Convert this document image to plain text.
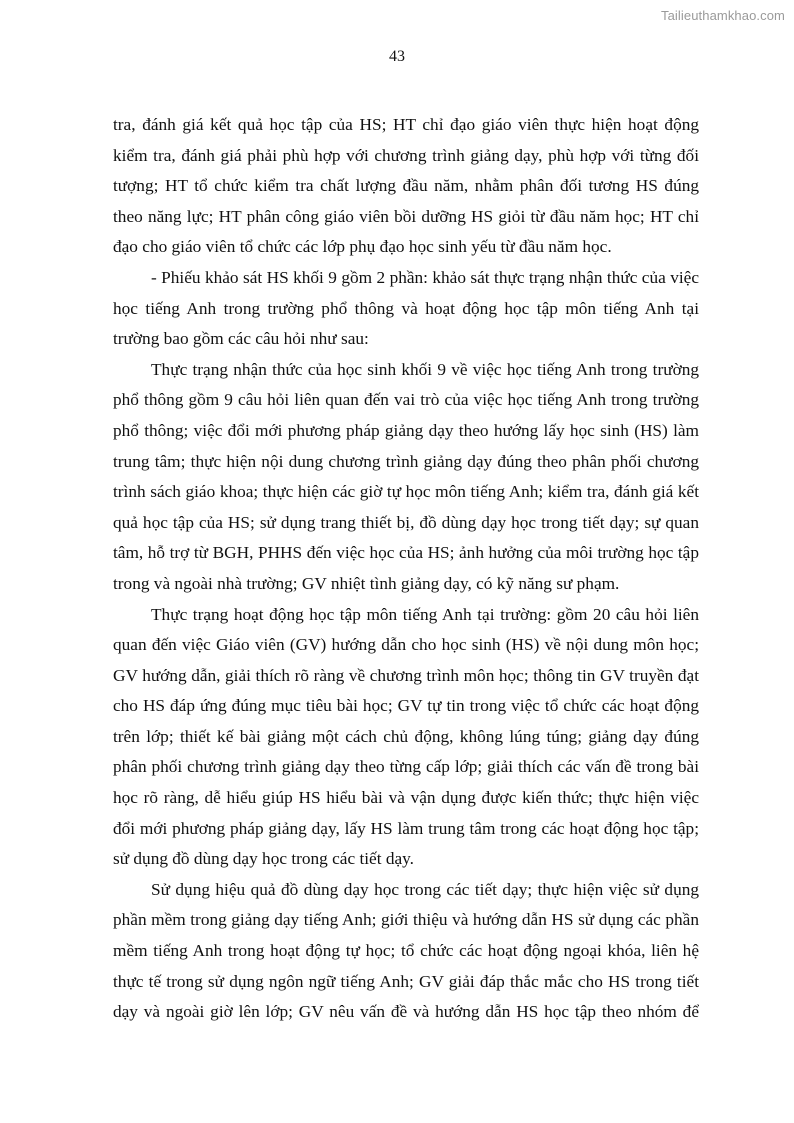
Tailieuthamkhao.com
43
tra, đánh giá kết quả học tập của HS; HT chỉ đạo giáo viên thực hiện hoạt động
kiểm tra, đánh giá phải phù hợp với chương trình giảng dạy, phù hợp với từng đối
tượng; HT tổ chức kiểm tra chất lượng đầu năm, nhằm phân đối tương HS đúng
theo năng lực; HT phân công giáo viên bồi dưỡng HS giỏi từ đầu năm học; HT chỉ
đạo cho giáo viên tổ chức các lớp phụ đạo học sinh yếu từ đầu năm học.
- Phiếu khảo sát HS khối 9 gồm 2 phần: khảo sát thực trạng nhận thức của việc
học tiếng Anh trong trường phổ thông và hoạt động học tập môn tiếng Anh tại
trường bao gồm các câu hỏi như sau:
Thực trạng nhận thức của học sinh khối 9 về việc học tiếng Anh trong trường
phổ thông gồm 9 câu hỏi liên quan đến vai trò của việc học tiếng Anh trong trường
phổ thông; việc đổi mới phương pháp giảng dạy theo hướng lấy học sinh (HS) làm
trung tâm; thực hiện nội dung chương trình giảng dạy đúng theo phân phối chương
trình sách giáo khoa; thực hiện các giờ tự học môn tiếng Anh; kiểm tra, đánh giá kết
quả học tập của HS; sử dụng trang thiết bị, đồ dùng dạy học trong tiết dạy; sự quan
tâm, hỗ trợ từ BGH, PHHS đến việc học của HS; ảnh hưởng của môi trường học tập
trong và ngoài nhà trường; GV nhiệt tình giảng dạy, có kỹ năng sư phạm.
Thực trạng hoạt động học tập môn tiếng Anh tại trường: gồm 20 câu hỏi liên
quan đến việc Giáo viên (GV) hướng dẫn cho học sinh (HS) về nội dung môn học;
GV hướng dẫn, giải thích rõ ràng về chương trình môn học; thông tin GV truyền đạt
cho HS đáp ứng đúng mục tiêu bài học; GV tự tin trong việc tổ chức các hoạt động
trên lớp; thiết kế bài giảng một cách chủ động, không lúng túng; giảng dạy đúng
phân phối chương trình giảng dạy theo từng cấp lớp; giải thích các vấn đề trong bài
học rõ ràng, dễ hiểu giúp HS hiểu bài và vận dụng được kiến thức; thực hiện việc
đổi mới phương pháp giảng dạy, lấy HS làm trung tâm trong các hoạt động học tập;
sử dụng đồ dùng dạy học trong các tiết dạy.
Sử dụng hiệu quả đồ dùng dạy học trong các tiết dạy; thực hiện việc sử dụng
phần mềm trong giảng dạy tiếng Anh; giới thiệu và hướng dẫn HS sử dụng các phần
mềm tiếng Anh trong hoạt động tự học; tổ chức các hoạt động ngoại khóa, liên hệ
thực tế trong sử dụng ngôn ngữ tiếng Anh; GV giải đáp thắc mắc cho HS trong tiết
dạy và ngoài giờ lên lớp; GV nêu vấn đề và hướng dẫn HS học tập theo nhóm để
